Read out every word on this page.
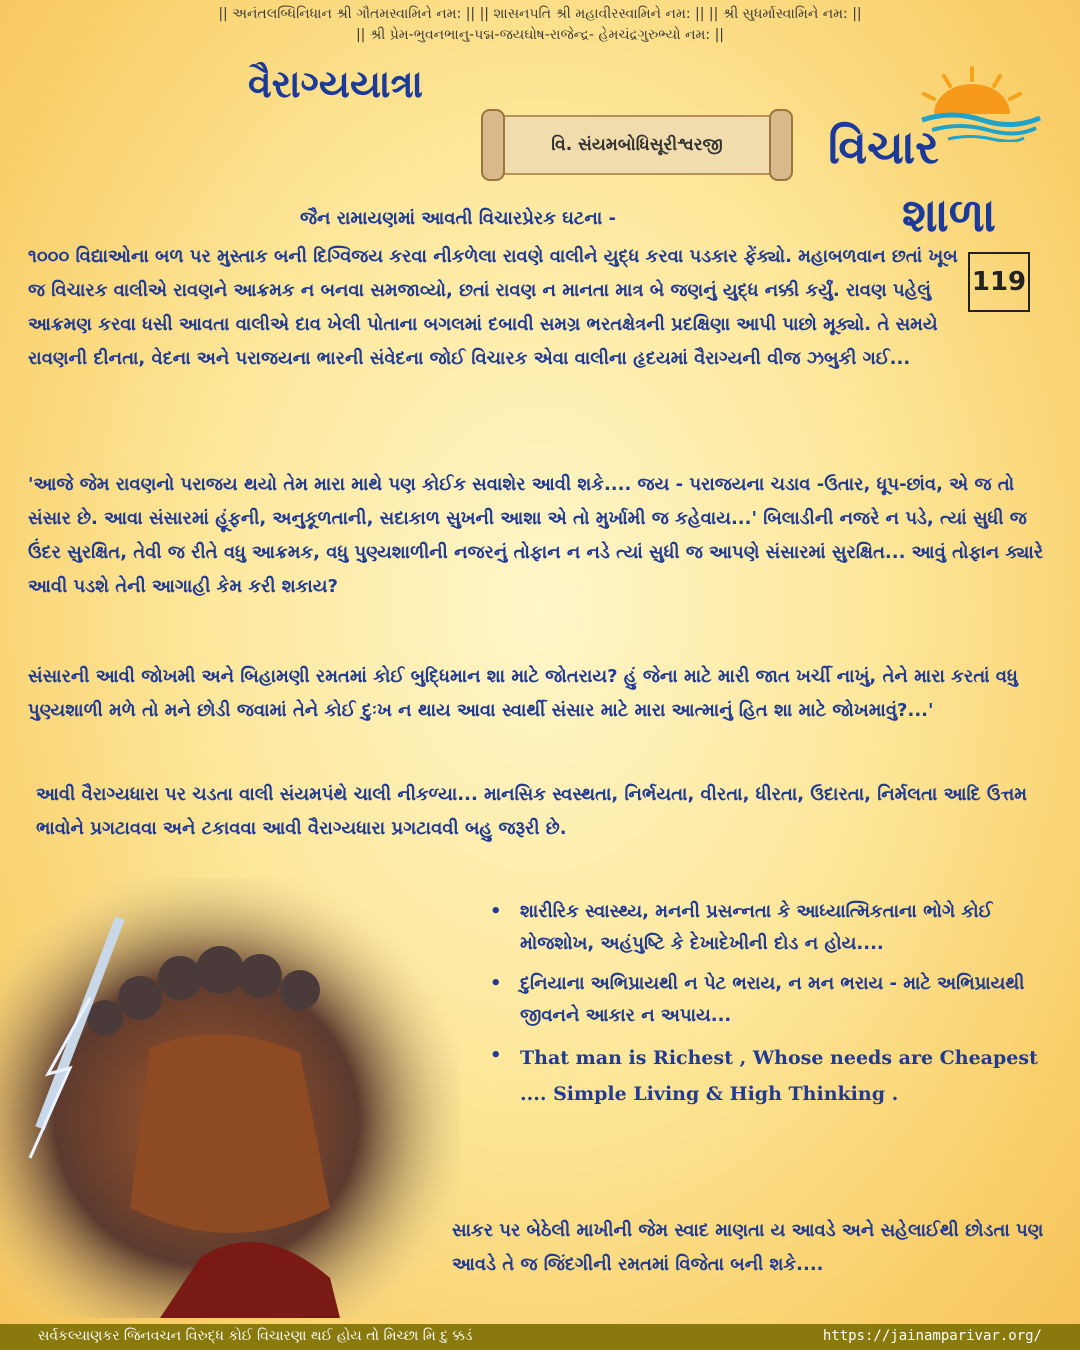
|| અનંતલબ્ધિનિધાન શ્રી ગૌતમસ્વામિને નમ: || || શાસનપતિ શ્રી મહાવીરસ્વામિને નમ: || || શ્રી સુધર્માસ્વામિને નમ: ||
|| શ્રી પ્રેમ-ભુવનભાનુ-પદ્મ-જયઘોષ-રાજેન્દ્ર- હેમચંદ્રગુરુભ્યો નમ: ||
વૈરાગ્યયાત્રા
વિ. સંયમબોધિસૂરીશ્વરજી	વિચાર
શાળા
119
જૈન રામાયણમાં આવતી વિચારપ્રેરક ઘટના -
૧૦૦૦ વિદ્યાઓના બળ પર મુસ્તાક બની દિગ્વિજય કરવા નીકળેલા રાવણે વાલીને યુદ્ધ કરવા પડકાર ફેંક્યો. મહાબળવાન છતાં ખૂબ જ વિચારક વાલીએ રાવણને આક્રમક ન બનવા સમજાવ્યો, છતાં રાવણ ન માનતા માત્ર બે જણનું યુદ્ધ નક્કી કર્યું. રાવણ પહેલું આક્રમણ કરવા ધસી આવતા વાલીએ દાવ ખેલી પોતાના બગલમાં દબાવી સમગ્ર ભરતક્ષેત્રની પ્રદક્ષિણા આપી પાછો મૂક્યો. તે સમયે રાવણની દીનતા, વેદના અને પરાજયના ભારની સંવેદના જોઈ વિચારક એવા વાલીના હૃદયમાં વૈરાગ્યની વીજ ઝબુકી ગઈ...
'આજે જેમ રાવણનો પરાજય થયો તેમ મારા માથે પણ કોઈક સવાશેર આવી શકે.... જય - પરાજયના ચડાવ -ઉતાર, ધૂપ-છાંવ, એ જ તો સંસાર છે. આવા સંસારમાં હૂંફની, અનુકૂળતાની, સદાકાળ સુખની આશા એ તો મુર્ખામી જ કહેવાય...' બિલાડીની નજરે ન પડે, ત્યાં સુધી જ ઉંદર સુરક્ષિત, તેવી જ રીતે વધુ આક્રમક, વધુ પુણ્યશાળીની નજરનું તોફાન ન નડે ત્યાં સુધી જ આપણે સંસારમાં સુરક્ષિત... આવું તોફાન ક્યારે આવી પડશે તેની આગાહી કેમ કરી શકાય?
સંસારની આવી જોખમી અને બિહામણી રમતમાં કોઈ બુદ્ધિમાન શા માટે જોતરાય? હું જેના માટે મારી જાત ખર્ચી નાખું, તેને મારા કરતાં વધુ પુણ્યશાળી મળે તો મને છોડી જવામાં તેને કોઈ દુઃખ ન થાય આવા સ્વાર્થી સંસાર માટે મારા આત્માનું હિત શા માટે જોખમાવું?...'
આવી વૈરાગ્યધારા પર ચડતા વાલી સંયમપંથે ચાલી નીકળ્યા... માનસિક સ્વસ્થતા, નિર્ભયતા, વીરતા, ધીરતા, ઉદારતા, નિર્મલતા આદિ ઉત્તમ ભાવોને પ્રગટાવવા અને ટકાવવા આવી વૈરાગ્યધારા પ્રગટાવવી બહુ જરૂરી છે.
•	શારીરિક સ્વાસ્થ્ય, મનની પ્રસન્નતા કે આધ્યાત્મિકતાના ભોગે કોઈ મોજશોખ, અહંપુષ્ટિ કે દેખાદેખીની દોડ ન હોય....
•	દુનિયાના અભિપ્રાયથી ન પેટ ભરાય, ન મન ભરાય - માટે અભિપ્રાયથી જીવનને આકાર ન અપાય...
• That man is Richest , Whose needs are Cheapest .... Simple Living & High Thinking .
સાકર પર બેઠેલી માખીની જેમ સ્વાદ માણતા ય આવડે અને સહેલાઈથી છોડતા પણ આવડે તે જ જિંદગીની રમતમાં વિજેતા બની શકે....
સર્વકલ્યાણકર જિનવચન વિરુદ્ધ કોઈ વિચારણા થઈ હોય તો મિચ્છા મિ દુ ક્કડં	https://jainamparivar.org/
